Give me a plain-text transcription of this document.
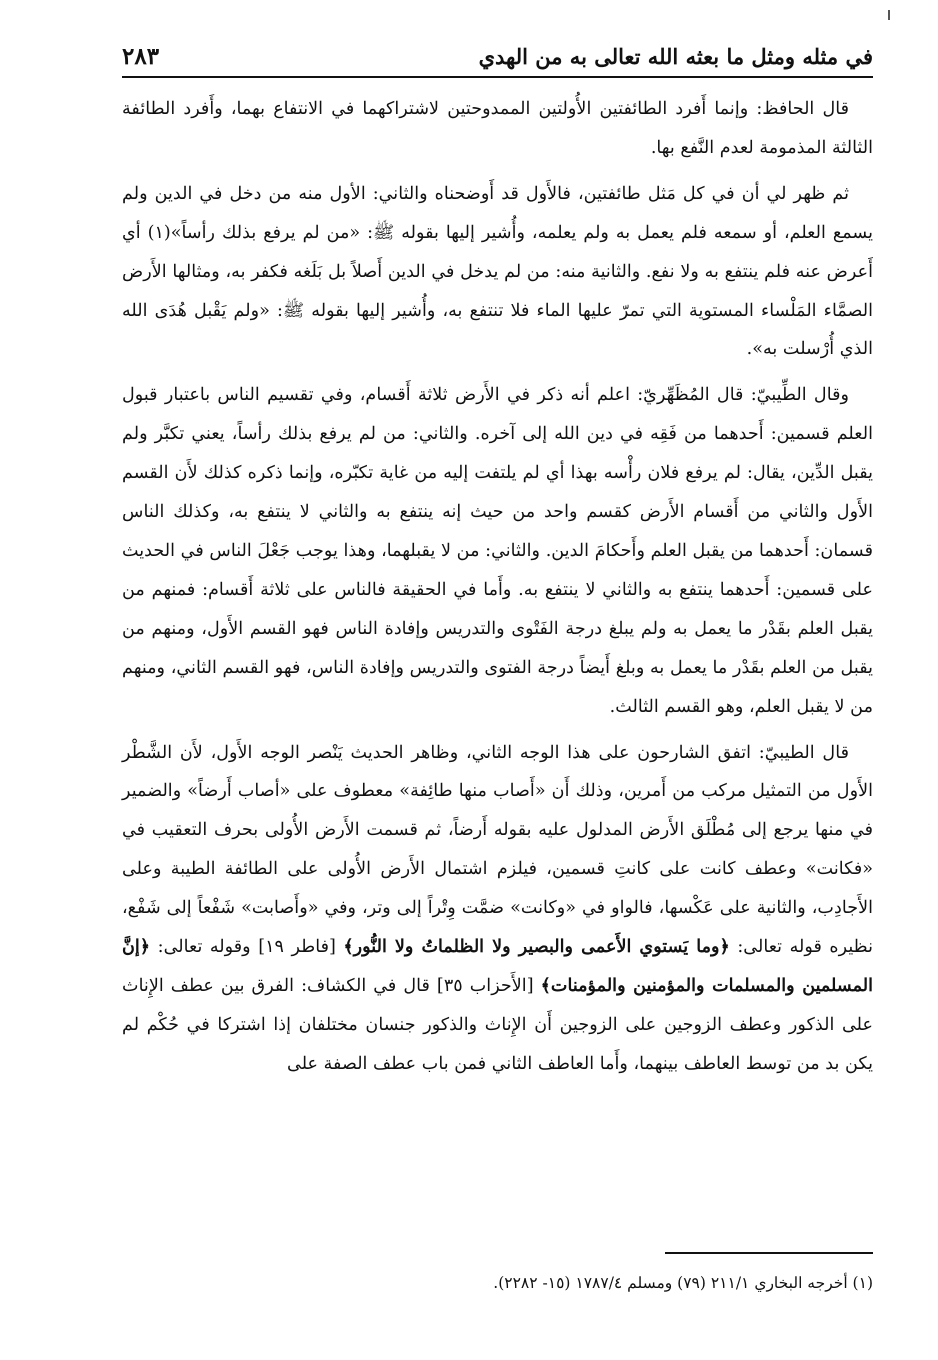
في مثله ومثل ما بعثه الله تعالى به من الهدي
٢٨٣

قال الحافظ: وإنما أَفرد الطائفتين الأُولتين الممدوحتين لاشتراكهما في الانتفاع بهما، وأَفرد الطائفة الثالثة المذمومة لعدم النَّفع بها.

ثم ظهر لي أن في كل مَثل طائفتين، فالأَول قد أَوضحناه والثاني: الأول منه من دخل في الدين ولم يسمع العلم، أو سمعه فلم يعمل به ولم يعلمه، وأُشير إليها بقوله ﷺ: «من لم يرفع بذلك رأساً»(١) أي أَعرض عنه فلم ينتفع به ولا نفع. والثانية منه: من لم يدخل في الدين أَصلاً بل بَلَغه فكفر به، ومثالها الأَرض الصمَّاء المَلْساء المستوية التي تمرّ عليها الماء فلا تنتفع به، وأُشير إليها بقوله ﷺ: «ولم يَقْبل هُدَى الله الذي أُرْسلت به».

وقال الطِّيبيّ: قال المُظَهِّريّ: اعلم أنه ذكر في الأَرض ثلاثة أَقسام، وفي تقسيم الناس باعتبار قبول العلم قسمين: أَحدهما من فَقِه في دين الله إلى آخره. والثاني: من لم يرفع بذلك رأساً، يعني تكبَّر ولم يقبل الدِّين، يقال: لم يرفع فلان رأْسه بهذا أي لم يلتفت إليه من غاية تكبّره، وإنما ذكره كذلك لأَن القسم الأَول والثاني من أَقسام الأَرض كقسم واحد من حيث إنه ينتفع به والثاني لا ينتفع به، وكذلك الناس قسمان: أَحدهما من يقبل العلم وأَحكامَ الدين. والثاني: من لا يقبلهما، وهذا يوجب جَعْلَ الناس في الحديث على قسمين: أَحدهما ينتفع به والثاني لا ينتفع به. وأَما في الحقيقة فالناس على ثلاثة أَقسام: فمنهم من يقبل العلم بقَدْر ما يعمل به ولم يبلغ درجة الفَتْوى والتدريس وإفادة الناس فهو القسم الأَول، ومنهم من يقبل من العلم بقَدْر ما يعمل به وبلغ أَيضاً درجة الفتوى والتدريس وإفادة الناس، فهو القسم الثاني، ومنهم من لا يقبل العلم، وهو القسم الثالث.

قال الطيبيّ: اتفق الشارحون على هذا الوجه الثاني، وظاهر الحديث يَنْصر الوجه الأَول، لأَن الشَّطْر الأَول من التمثيل مركب من أَمرين، وذلك أَن «أَصاب منها طائِفة» معطوف على «أصاب أَرضاً» والضمير في منها يرجع إلى مُطْلَق الأَرض المدلول عليه بقوله أَرضاً، ثم قسمت الأَرض الأُولى بحرف التعقيب في «فكانت» وعطف كانت على كانتِ قسمين، فيلزم اشتمال الأَرض الأُولى على الطائفة الطيبة وعلى الأَجادِب، والثانية على عَكْسها، فالواو في «وكانت» ضمَّت وِتْراً إلى وتر، وفي «وأَصابت» شَفْعاً إلى شَفْع، نظيره قوله تعالى: ﴿وما يَستوي الأَعمى والبصير ولا الظلماتُ ولا النُّور﴾ [فاطر ١٩] وقوله تعالى: ﴿إنَّ المسلمين والمسلمات والمؤمنين والمؤمنات﴾ [الأَحزاب ٣٥] قال في الكشاف: الفرق بين عطف الإِناث على الذكور وعطف الزوجين على الزوجين أَن الإِناث والذكور جنسان مختلفان إذا اشتركا في حُكْم لم يكن بد من توسط العاطف بينهما، وأَما العاطف الثاني فمن باب عطف الصفة على

(١) أخرجه البخاري ٢١١/١ (٧٩) ومسلم ١٧٨٧/٤ (١٥- ٢٢٨٢).
